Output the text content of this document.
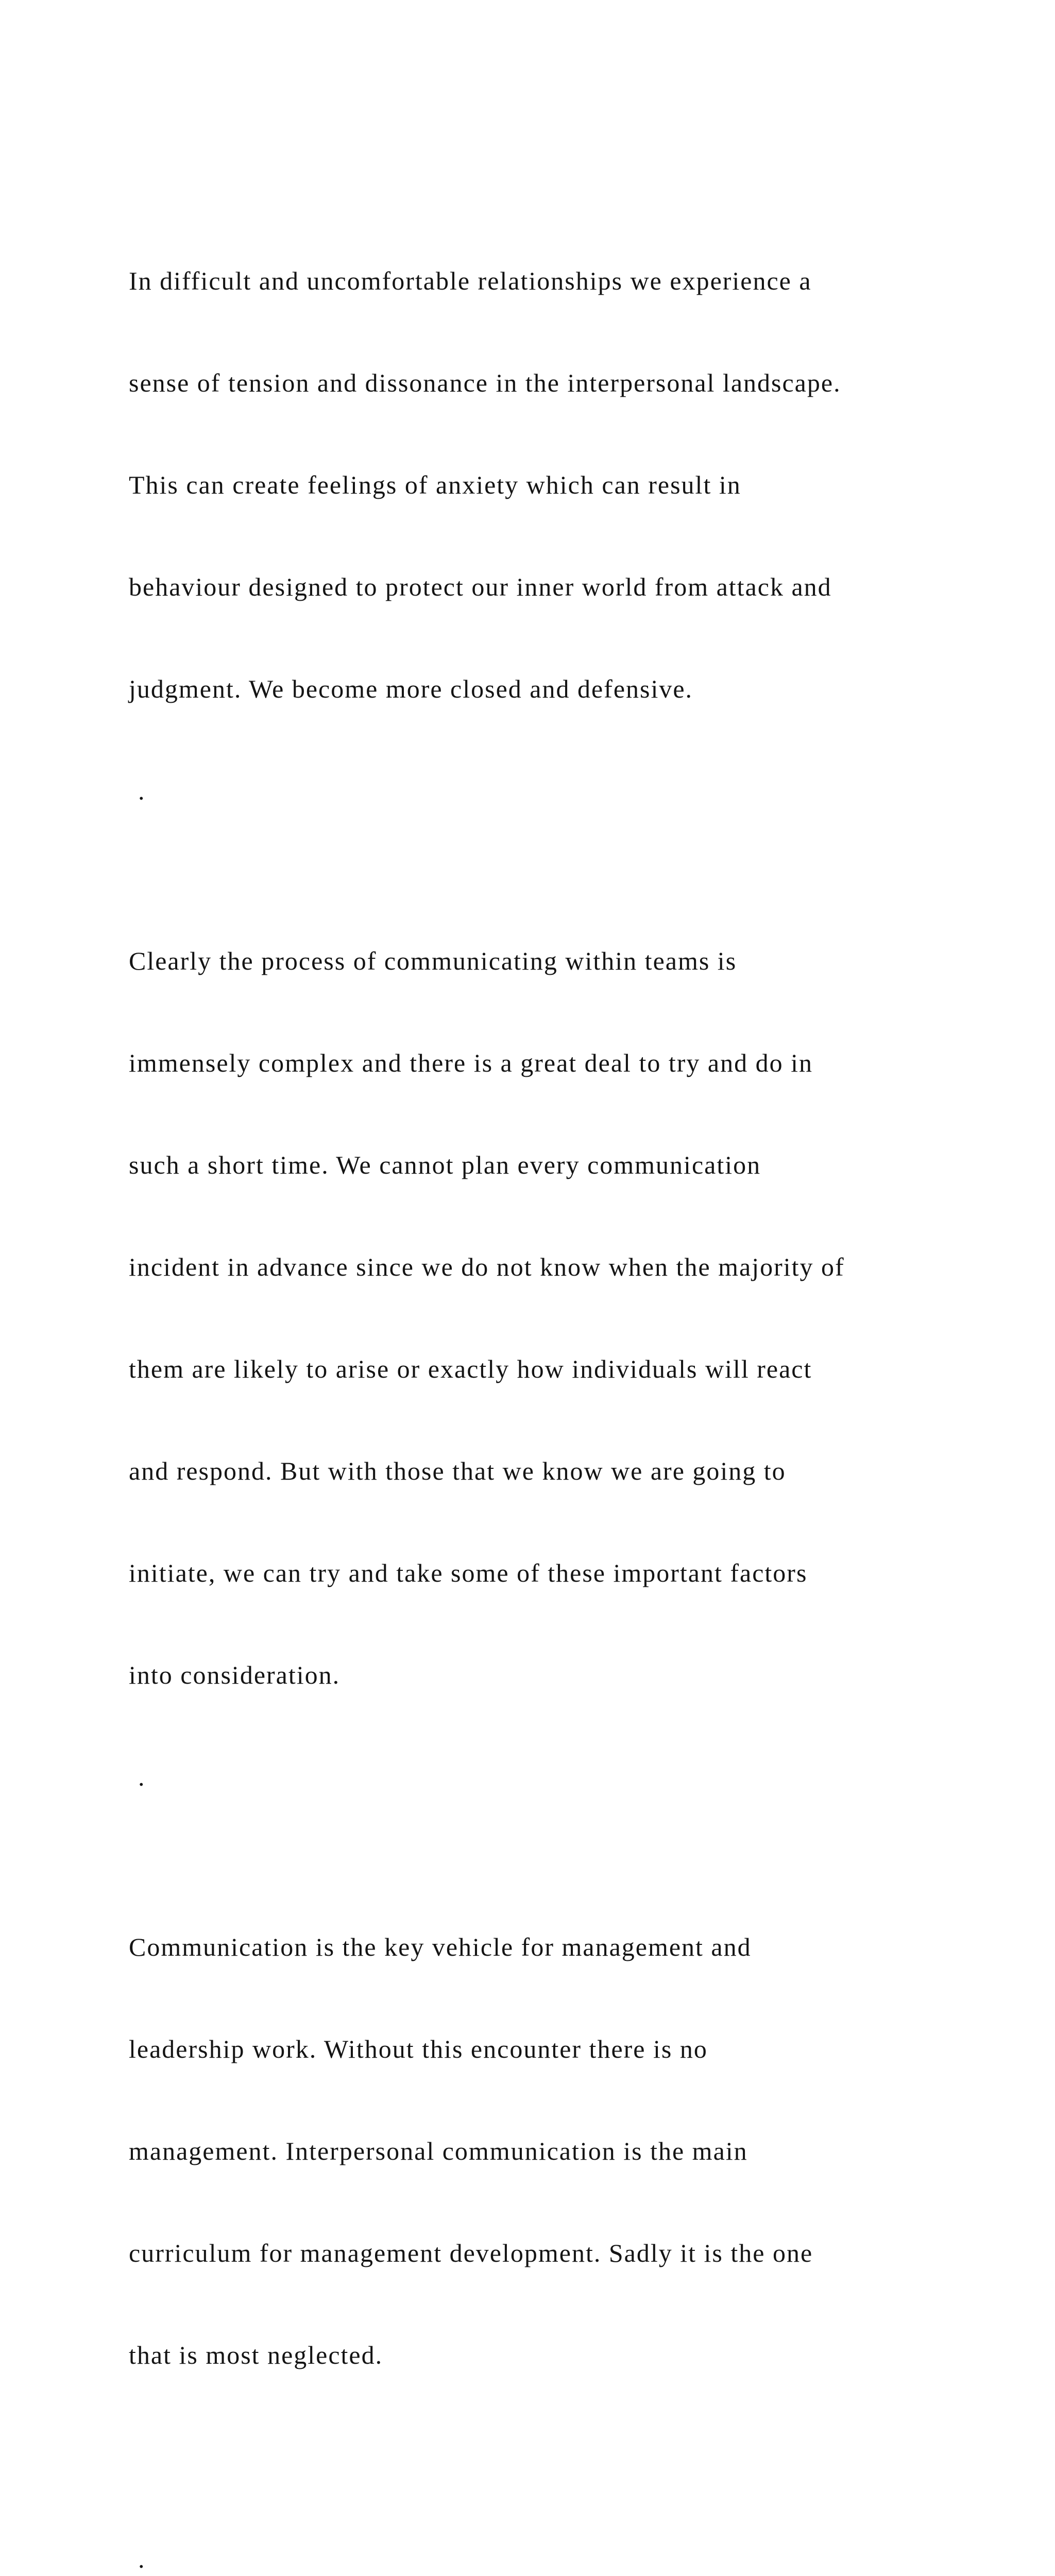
In difficult and uncomfortable relationships we experience a

sense of tension and dissonance in the interpersonal landscape.

This can create feelings of anxiety which can result in

behaviour designed to protect our inner world from attack and

judgment. We become more closed and defensive.

.

Clearly the process of communicating within teams is

immensely complex and there is a great deal to try and do in

such a short time. We cannot plan every communication

incident in advance since we do not know when the majority of

them are likely to arise or exactly how individuals will react

and respond. But with those that we know we are going to

initiate, we can try and take some of these important factors

into consideration.

.

Communication is the key vehicle for management and

leadership work. Without this encounter there is no

management. Interpersonal communication is the main

curriculum for management development. Sadly it is the one

that is most neglected.

.
